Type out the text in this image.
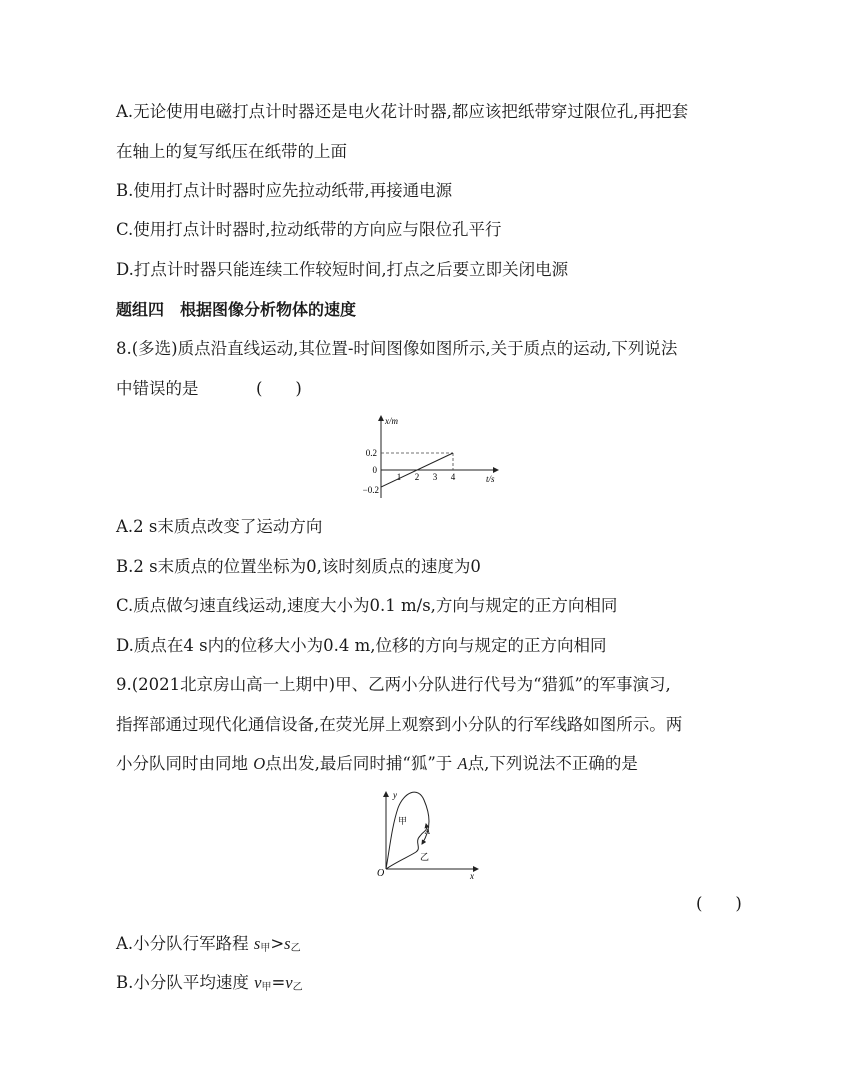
A.无论使用电磁打点计时器还是电火花计时器,都应该把纸带穿过限位孔,再把套
在轴上的复写纸压在纸带的上面
B.使用打点计时器时应先拉动纸带,再接通电源
C.使用打点计时器时,拉动纸带的方向应与限位孔平行
D.打点计时器只能连续工作较短时间,打点之后要立即关闭电源
题组四　根据图像分析物体的速度
8.(多选)质点沿直线运动,其位置-时间图像如图所示,关于质点的运动,下列说法
中错误的是	(　　)
x/m
t/s
0.2
0
−0.2
1 2 3 4
A.2 s末质点改变了运动方向
B.2 s末质点的位置坐标为0,该时刻质点的速度为0
C.质点做匀速直线运动,速度大小为0.1 m/s,方向与规定的正方向相同
D.质点在4 s内的位移大小为0.4 m,位移的方向与规定的正方向相同
9.(2021北京房山高一上期中)甲、乙两小分队进行代号为“猎狐”的军事演习,
指挥部通过现代化通信设备,在荧光屏上观察到小分队的行军线路如图所示。两
小分队同时由同地 O点出发,最后同时捕“狐”于 A点,下列说法不正确的是
y
x
O
A
甲
乙
(　　)
A.小分队行军路程 $s_甲>s_乙$
B.小分队平均速度 $v_甲=v_乙$
